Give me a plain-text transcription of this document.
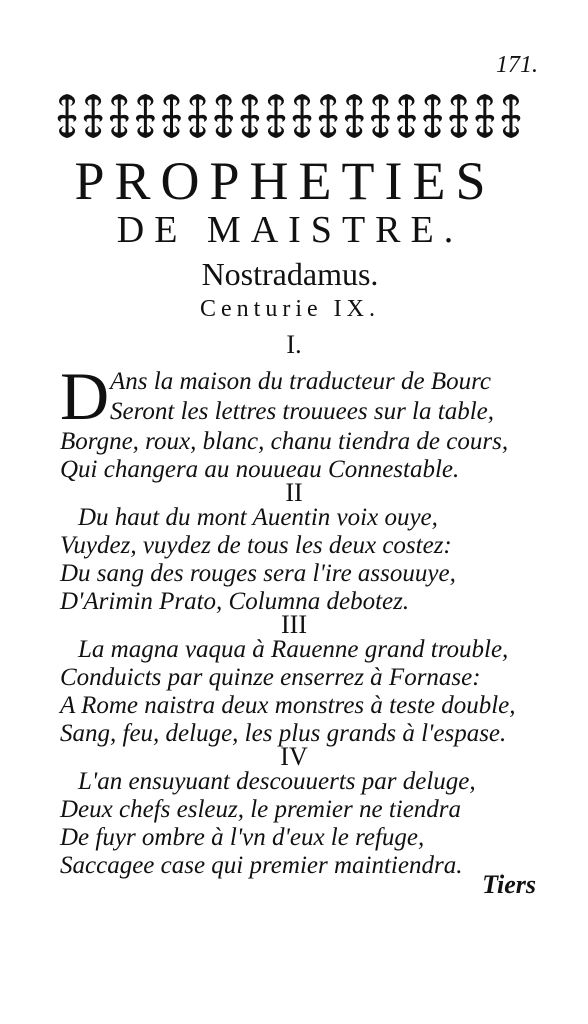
171.
PROPHETIES
DE MAISTRE.
Nostradamus.
Centurie IX.
I.
D Ans la maison du traducteur de Bourc
Seront les lettres trouuees sur la table,
Borgne, roux, blanc, chanu tiendra de cours,
Qui changera au nouueau Connestable.
II
Du haut du mont Auentin voix ouye,
Vuydez, vuydez de tous les deux costez:
Du sang des rouges sera l'ire assouuye,
D'Arimin Prato, Columna debotez.
III
La magna vaqua à Rauenne grand trouble,
Conduicts par quinze enserrez à Fornase:
A Rome naistra deux monstres à teste double,
Sang, feu, deluge, les plus grands à l'espase.
IV
L'an ensuyuant descouuerts par deluge,
Deux chefs esleuz, le premier ne tiendra
De fuyr ombre à l'vn d'eux le refuge,
Saccagee case qui premier maintiendra.
Tiers
